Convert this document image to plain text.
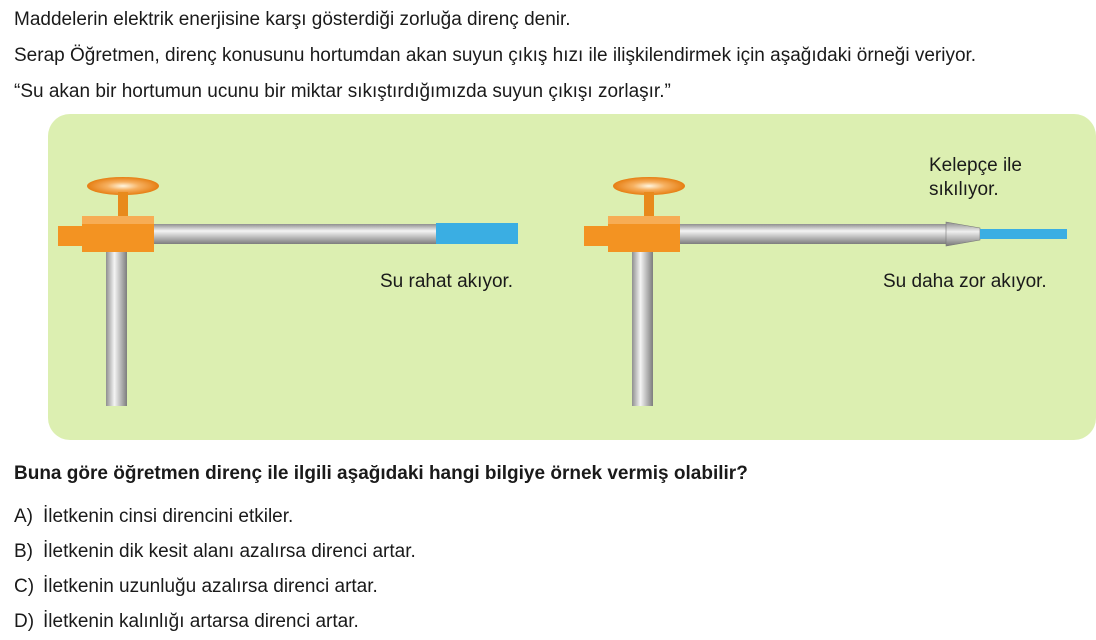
Maddelerin elektrik enerjisine karşı gösterdiği zorluğa direnç denir.
Serap Öğretmen, direnç konusunu hortumdan akan suyun çıkış hızı ile ilişkilendirmek için aşağıdaki örneği veriyor.
“Su akan bir hortumun ucunu bir miktar sıkıştırdığımızda suyun çıkışı zorlaşır.”
Su rahat akıyor.
Kelepçe ile
sıkılıyor.
Su daha zor akıyor.
Buna göre öğretmen direnç ile ilgili aşağıdaki hangi bilgiye örnek vermiş olabilir?
A) İletkenin cinsi direncini etkiler.
B) İletkenin dik kesit alanı azalırsa direnci artar.
C) İletkenin uzunluğu azalırsa direnci artar.
D) İletkenin kalınlığı artarsa direnci artar.
